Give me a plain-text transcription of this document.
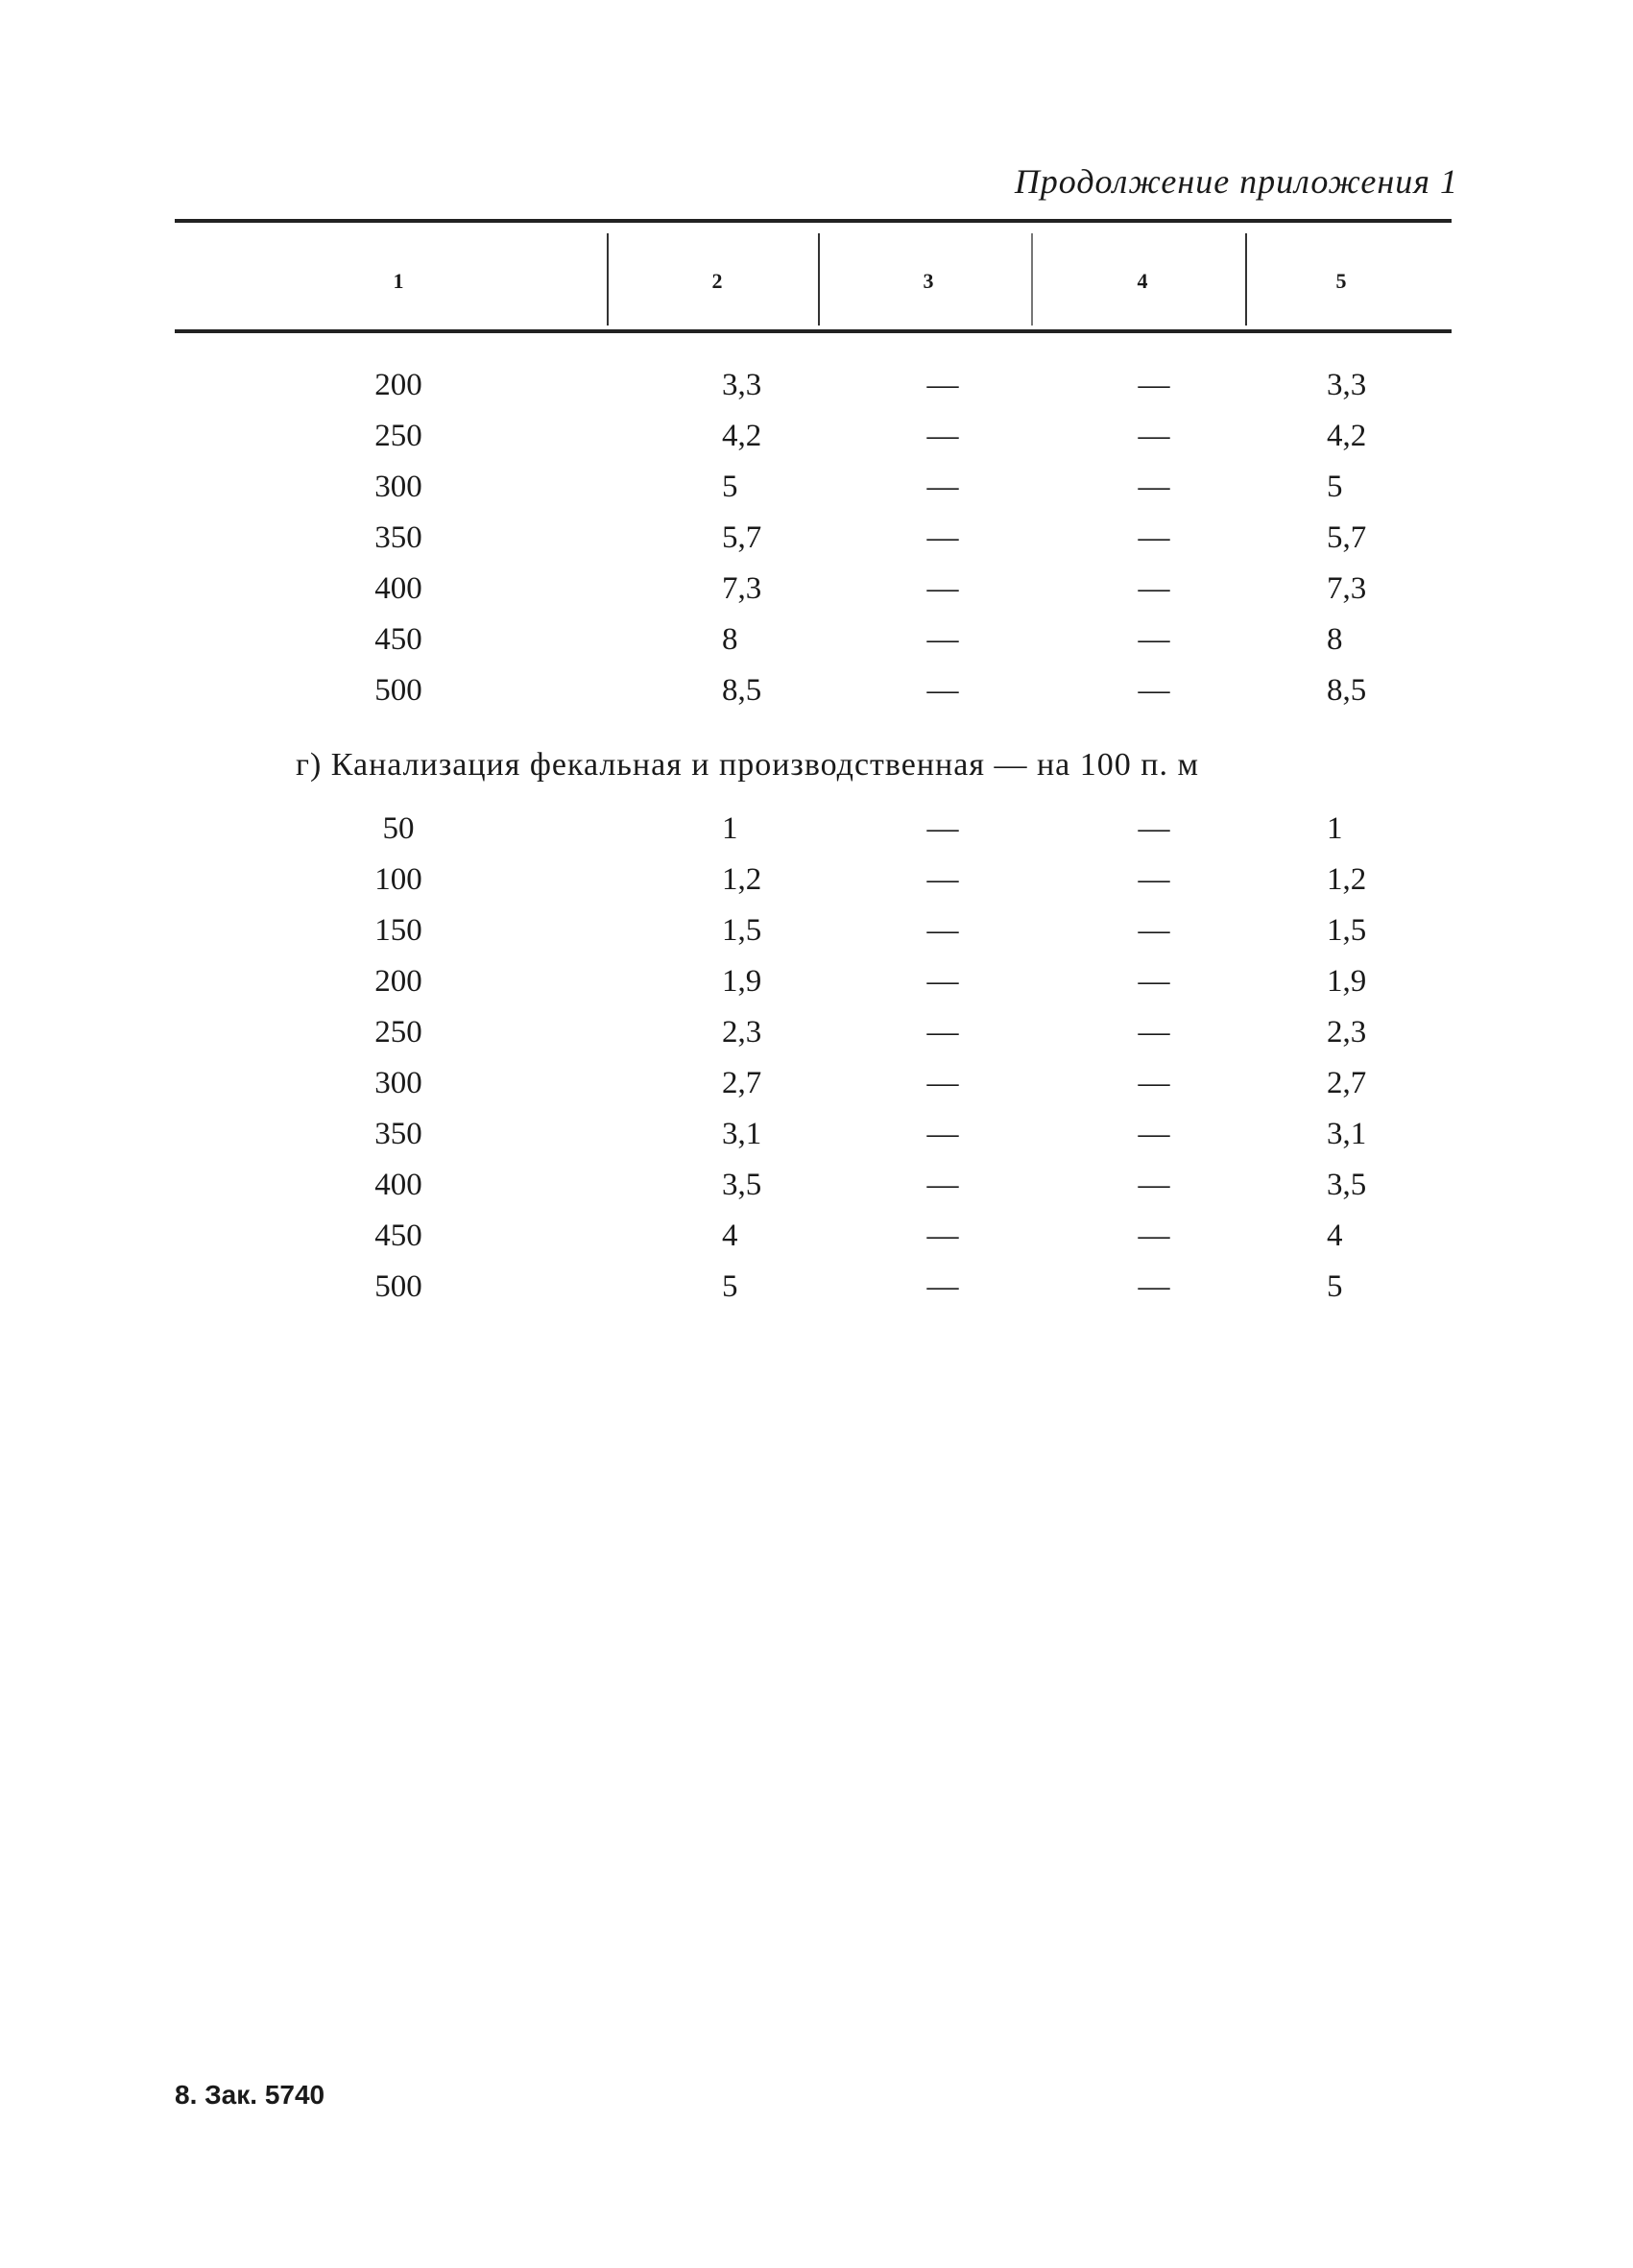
Продолжение приложения 1
1	2	3	4	5
200	3,3	—	—	3,3
250	4,2	—	—	4,2
300	5	—	—	5
350	5,7	—	—	5,7
400	7,3	—	—	7,3
450	8	—	—	8
500	8,5	—	—	8,5
г) Канализация фекальная и производственная — на 100 п. м
50	1	—	—	1
100	1,2	—	—	1,2
150	1,5	—	—	1,5
200	1,9	—	—	1,9
250	2,3	—	—	2,3
300	2,7	—	—	2,7
350	3,1	—	—	3,1
400	3,5	—	—	3,5
450	4	—	—	4
500	5	—	—	5
8. Зак. 5740
